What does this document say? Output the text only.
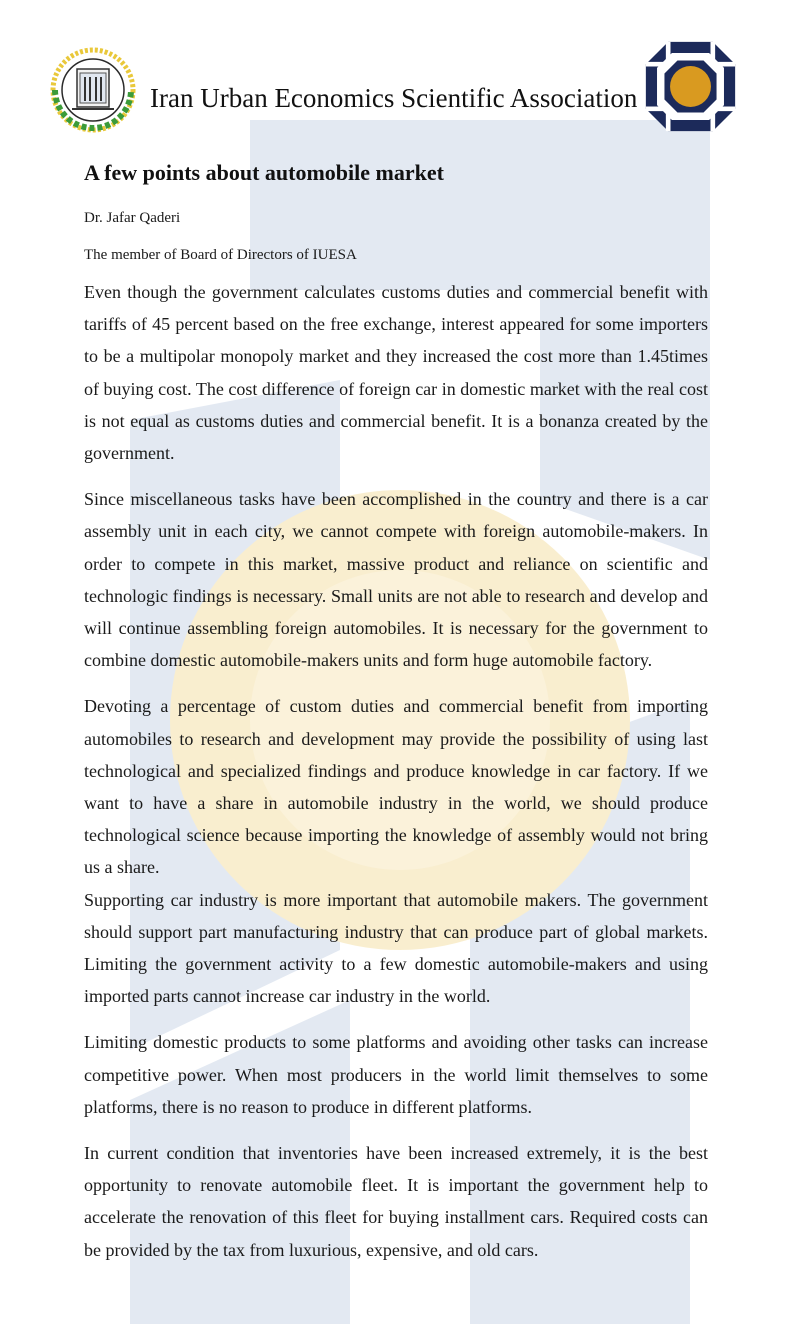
Iran Urban Economics Scientific Association
A few points about automobile market

Dr. Jafar Qaderi

The member of Board of Directors of IUESA

Even though the government calculates customs duties and commercial benefit with tariffs of 45 percent based on the free exchange, interest appeared for some importers to be a multipolar monopoly market and they increased the cost more than 1.45times of buying cost. The cost difference of foreign car in domestic market with the real cost is not equal as customs duties and commercial benefit. It is a bonanza created by the government.

Since miscellaneous tasks have been accomplished in the country and there is a car assembly unit in each city, we cannot compete with foreign automobile-makers. In order to compete in this market, massive product and reliance on scientific and technologic findings is necessary. Small units are not able to research and develop and will continue assembling foreign automobiles. It is necessary for the government to combine domestic automobile-makers units and form huge automobile factory.

Devoting a percentage of custom duties and commercial benefit from importing automobiles to research and development may provide the possibility of using last technological and specialized findings and produce knowledge in car factory. If we want to have a share in automobile industry in the world, we should produce technological science because importing the knowledge of assembly would not bring us a share.

Supporting car industry is more important that automobile makers. The government should support part manufacturing industry that can produce part of global markets. Limiting the government activity to a few domestic automobile-makers and using imported parts cannot increase car industry in the world.

Limiting domestic products to some platforms and avoiding other tasks can increase competitive power. When most producers in the world limit themselves to some platforms, there is no reason to produce in different platforms.

In current condition that inventories have been increased extremely, it is the best opportunity to renovate automobile fleet. It is important the government help to accelerate the renovation of this fleet for buying installment cars. Required costs can be provided by the tax from luxurious, expensive, and old cars.
